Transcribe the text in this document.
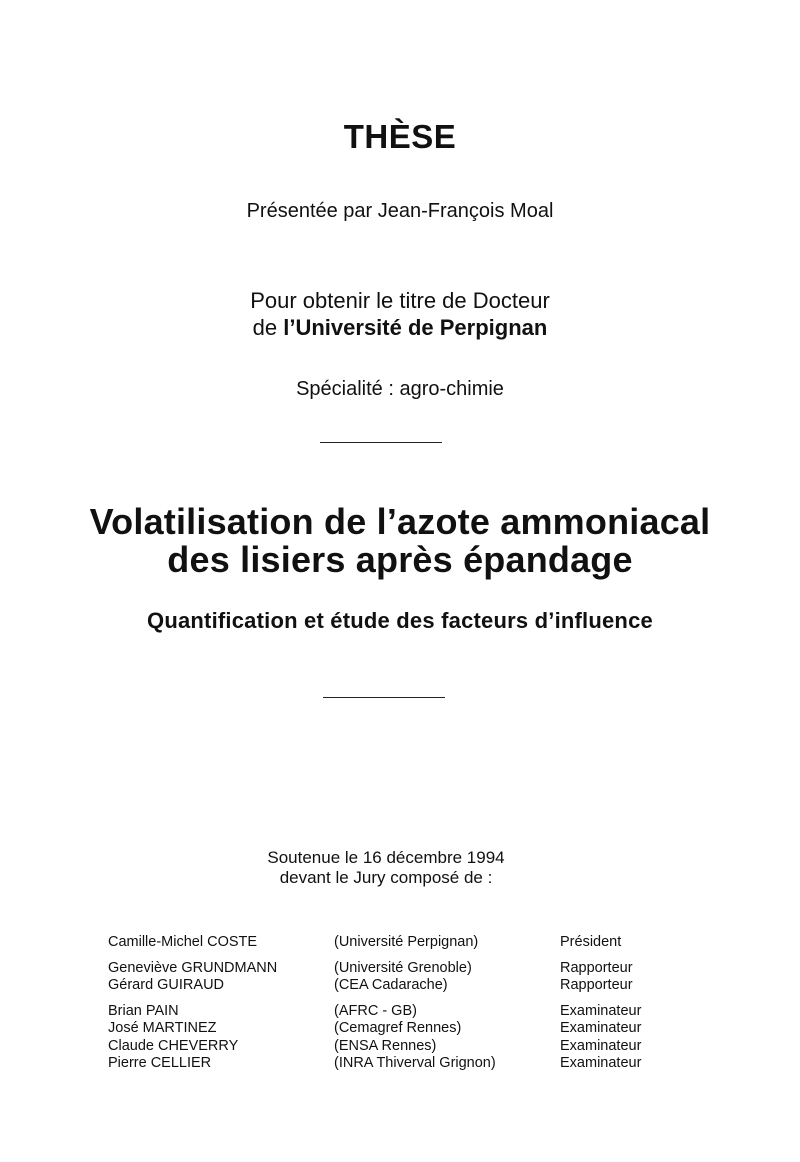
THÈSE
Présentée par Jean-François Moal
Pour obtenir le titre de Docteur
de l’Université de Perpignan
Spécialité : agro-chimie
Volatilisation de l’azote ammoniacal
des lisiers après épandage
Quantification et étude des facteurs d’influence
Soutenue le 16 décembre 1994
devant le Jury composé de :
Camille-Michel COSTE	(Université Perpignan)	Président
Geneviève GRUNDMANN	(Université Grenoble)	Rapporteur
Gérard GUIRAUD	(CEA Cadarache)	Rapporteur
Brian PAIN	(AFRC - GB)	Examinateur
José MARTINEZ	(Cemagref Rennes)	Examinateur
Claude CHEVERRY	(ENSA Rennes)	Examinateur
Pierre CELLIER	(INRA Thiverval Grignon)	Examinateur
